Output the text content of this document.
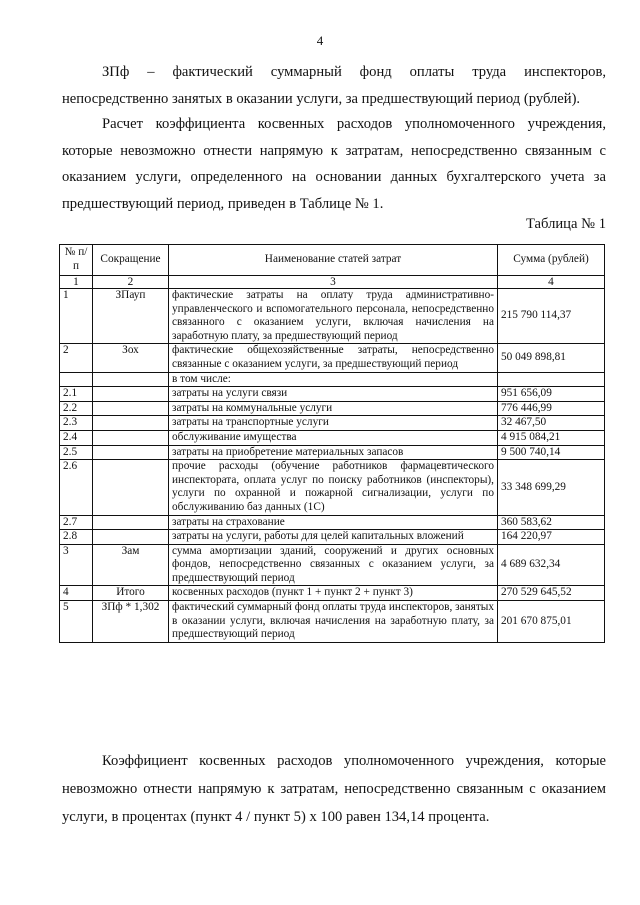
4

ЗПф – фактический суммарный фонд оплаты труда инспекторов, непосредственно занятых в оказании услуги, за предшествующий период (рублей).

Расчет коэффициента косвенных расходов уполномоченного учреждения, которые невозможно отнести напрямую к затратам, непосредственно связанным с оказанием услуги, определенного на основании данных бухгалтерского учета за предшествующий период, приведен в Таблице № 1.

Таблица № 1
№ п/п	Сокращение	Наименование статей затрат	Сумма (рублей)
1	2	3	4
1	ЗПауп	фактические затраты на оплату труда административно-управленческого и вспомогательного персонала, непосредственно связанного с оказанием услуги, включая начисления на заработную плату, за предшествующий период	215 790 114,37
2	Зох	фактические общехозяйственные затраты, непосредственно связанные с оказанием услуги, за предшествующий период	50 049 898,81
		в том числе:	
2.1		затраты на услуги связи	951 656,09
2.2		затраты на коммунальные услуги	776 446,99
2.3		затраты на транспортные услуги	32 467,50
2.4		обслуживание имущества	4 915 084,21
2.5		затраты на приобретение материальных запасов	9 500 740,14
2.6		прочие расходы (обучение работников фармацевтического инспектората, оплата услуг по поиску работников (инспекторы), услуги по охранной и пожарной сигнализации, услуги по обслуживанию баз данных (1С)	33 348 699,29
2.7		затраты на страхование	360 583,62
2.8		затраты на услуги, работы для целей капитальных вложений	164 220,97
3	Зам	сумма амортизации зданий, сооружений и других основных фондов, непосредственно связанных с оказанием услуги, за предшествующий период	4 689 632,34
4	Итого	косвенных расходов (пункт 1 + пункт 2 + пункт 3)	270 529 645,52
5	ЗПф * 1,302	фактический суммарный фонд оплаты труда инспекторов, занятых в оказании услуги, включая начисления на заработную плату, за предшествующий период	201 670 875,01

Коэффициент косвенных расходов уполномоченного учреждения, которые невозможно отнести напрямую к затратам, непосредственно связанным с оказанием услуги, в процентах (пункт 4 / пункт 5) x 100 равен 134,14 процента.
